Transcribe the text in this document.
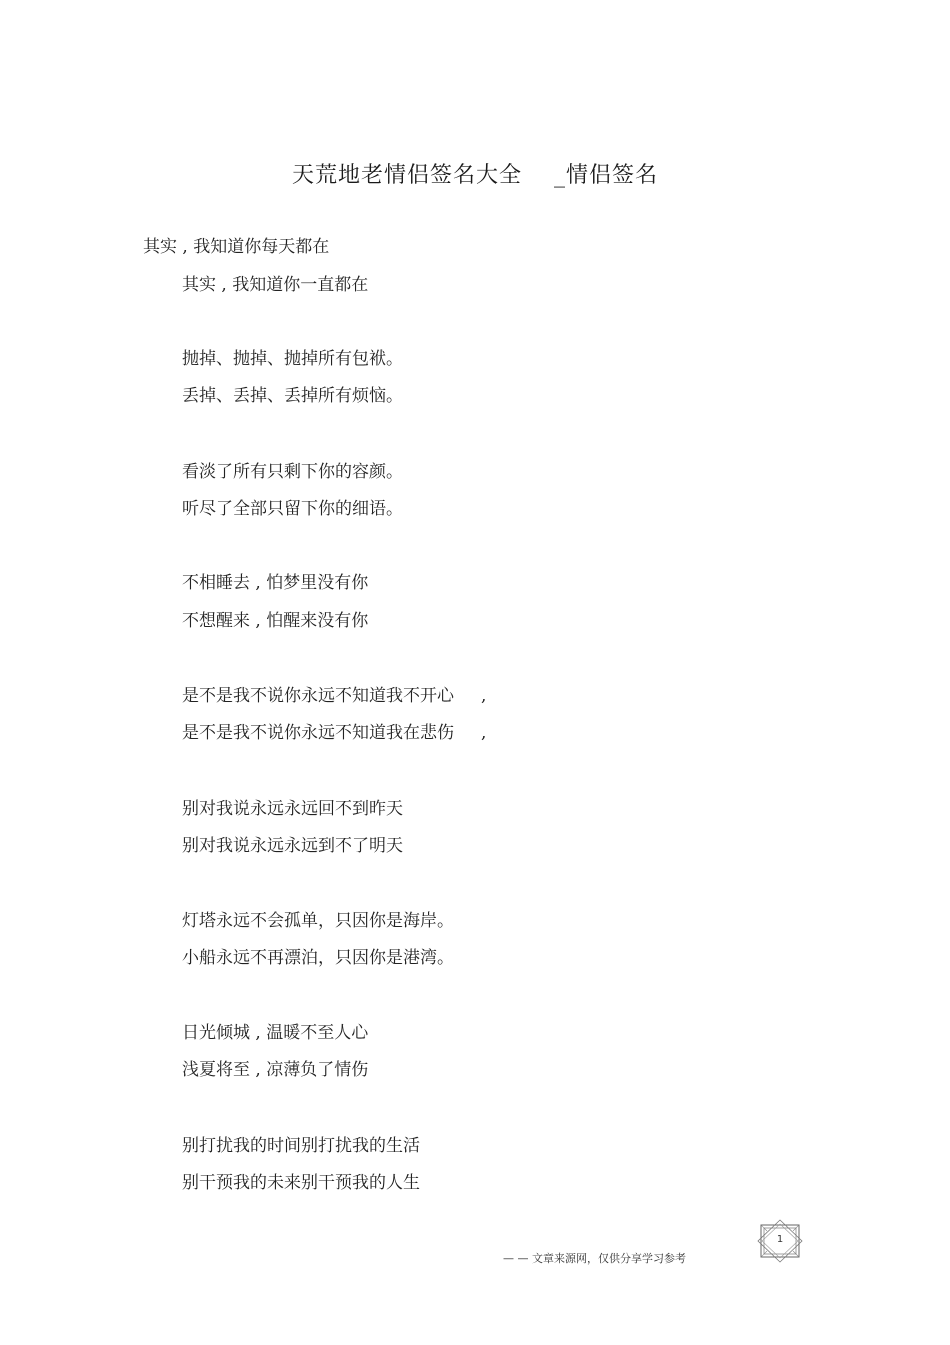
天荒地老情侣签名大全    _情侣签名
其实 , 我知道你每天都在
其实 , 我知道你一直都在
抛掉、抛掉、抛掉所有包袱。
丢掉、丢掉、丢掉所有烦恼。
看淡了所有只剩下你的容颜。
听尽了全部只留下你的细语。
不相睡去 , 怕梦里没有你
不想醒来 , 怕醒来没有你
是不是我不说你永远不知道我不开心     ,
是不是我不说你永远不知道我在悲伤     ,
别对我说永远永远回不到昨天
别对我说永远永远到不了明天
灯塔永远不会孤单，只因你是海岸。
小船永远不再漂泊，只因你是港湾。
日光倾城 , 温暖不至人心
浅夏将至 , 凉薄负了情伤
别打扰我的时间别打扰我的生活
别干预我的未来别干预我的人生
— — 文章来源网，仅供分享学习参考
1
